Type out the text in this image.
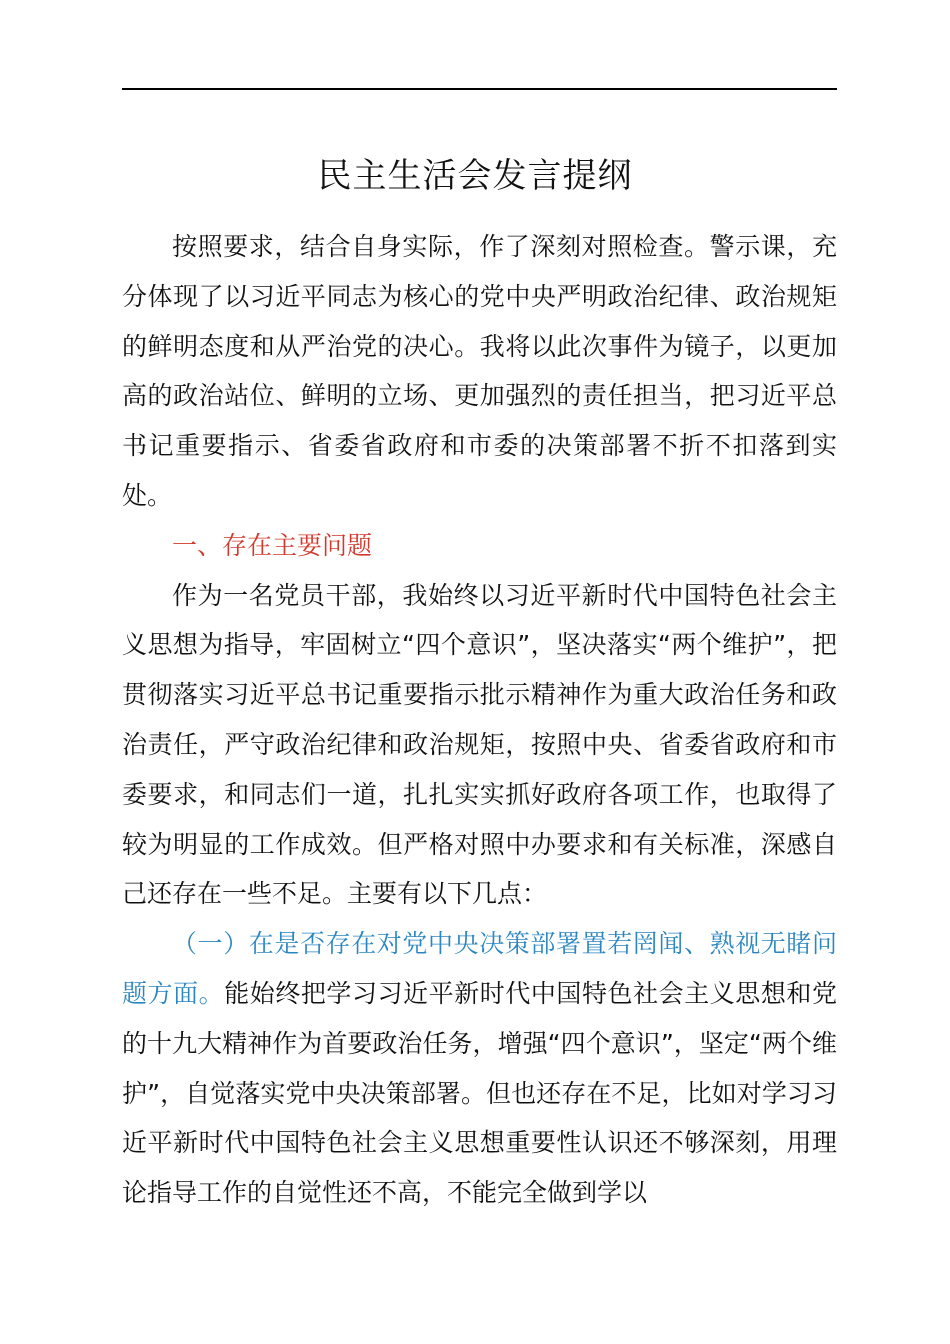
民主生活会发言提纲

按照要求，结合自身实际，作了深刻对照检查。警示课，充分体现了以习近平同志为核心的党中央严明政治纪律、政治规矩的鲜明态度和从严治党的决心。我将以此次事件为镜子，以更加高的政治站位、鲜明的立场、更加强烈的责任担当，把习近平总书记重要指示、省委省政府和市委的决策部署不折不扣落到实处。

一、存在主要问题

作为一名党员干部，我始终以习近平新时代中国特色社会主义思想为指导，牢固树立“四个意识”，坚决落实“两个维护”，把贯彻落实习近平总书记重要指示批示精神作为重大政治任务和政治责任，严守政治纪律和政治规矩，按照中央、省委省政府和市委要求，和同志们一道，扎扎实实抓好政府各项工作，也取得了较为明显的工作成效。但严格对照中办要求和有关标准，深感自己还存在一些不足。主要有以下几点：

（一）在是否存在对党中央决策部署置若罔闻、熟视无睹问题方面。能始终把学习习近平新时代中国特色社会主义思想和党的十九大精神作为首要政治任务，增强“四个意识”，坚定“两个维护”，自觉落实党中央决策部署。但也还存在不足，比如对学习习近平新时代中国特色社会主义思想重要性认识还不够深刻，用理论指导工作的自觉性还不高，不能完全做到学以
